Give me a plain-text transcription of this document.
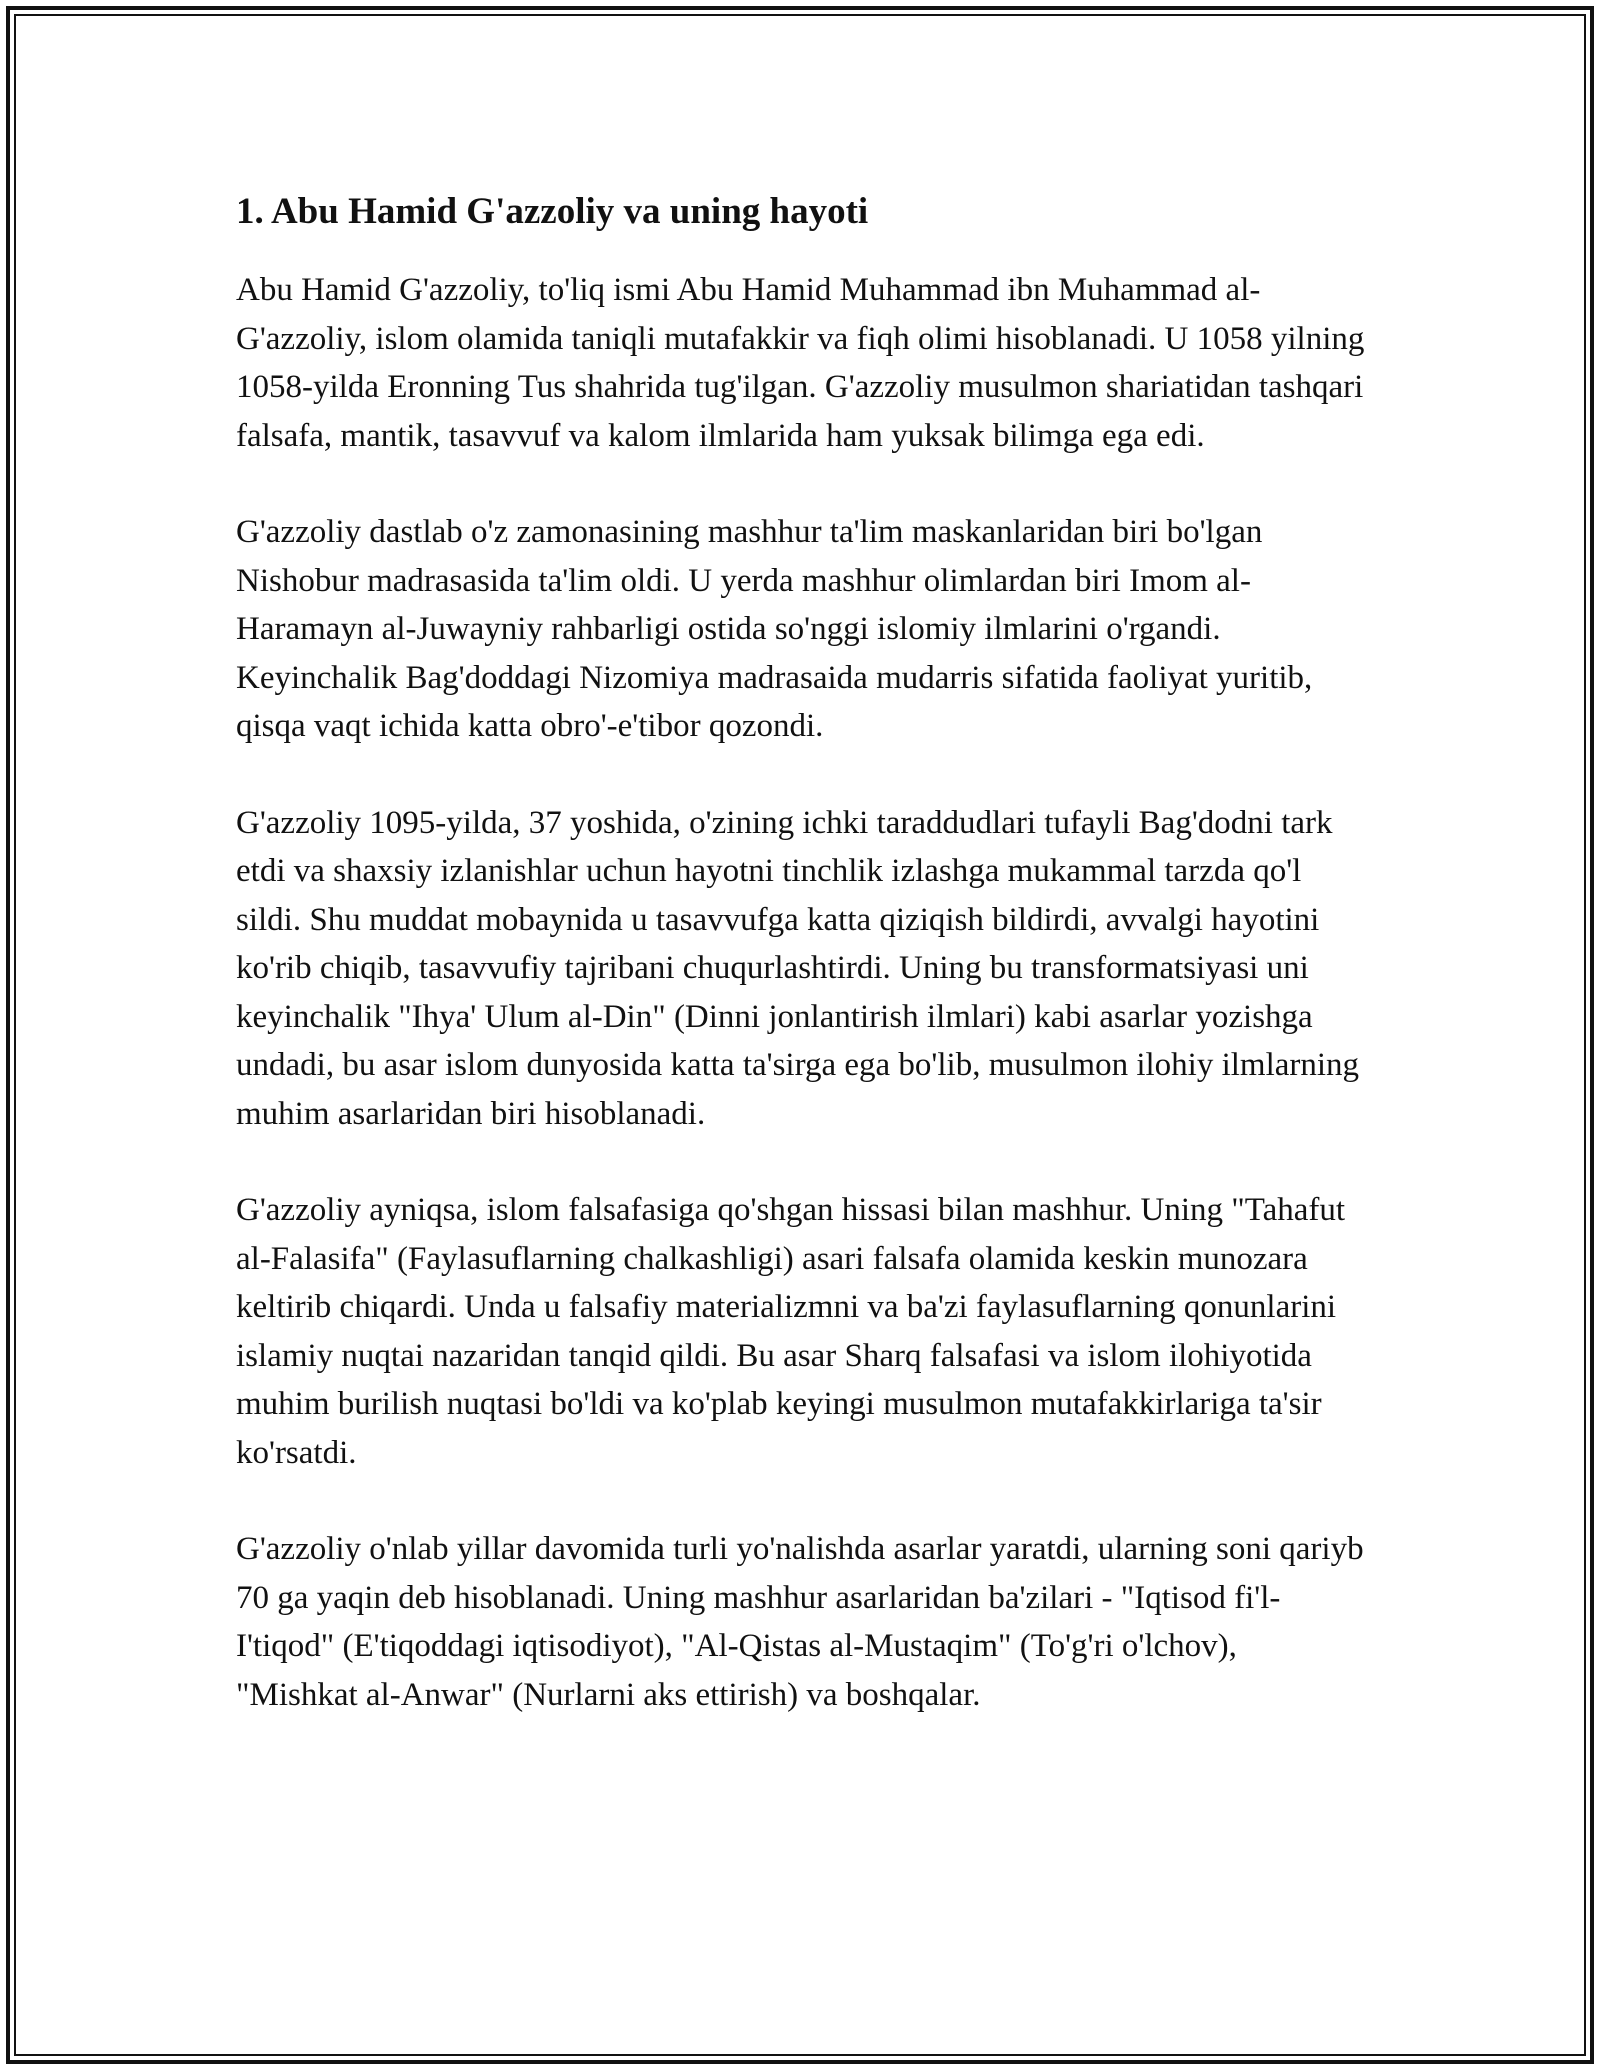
1. Abu Hamid G'azzoliy va uning hayoti

Abu Hamid G'azzoliy, to'liq ismi Abu Hamid Muhammad ibn Muhammad al-G'azzoliy, islom olamida taniqli mutafakkir va fiqh olimi hisoblanadi. U 1058 yilning 1058-yilda Eronning Tus shahrida tug'ilgan. G'azzoliy musulmon shariatidan tashqari falsafa, mantik, tasavvuf va kalom ilmlarida ham yuksak bilimga ega edi.

G'azzoliy dastlab o'z zamonasining mashhur ta'lim maskanlaridan biri bo'lgan Nishobur madrasasida ta'lim oldi. U yerda mashhur olimlardan biri Imom al-Haramayn al-Juwayniy rahbarligi ostida so'nggi islomiy ilmlarini o'rgandi. Keyinchalik Bag'doddagi Nizomiya madrasaida mudarris sifatida faoliyat yuritib, qisqa vaqt ichida katta obro'-e'tibor qozondi.

G'azzoliy 1095-yilda, 37 yoshida, o'zining ichki taraddudlari tufayli Bag'dodni tark etdi va shaxsiy izlanishlar uchun hayotni tinchlik izlashga mukammal tarzda qo'l sildi. Shu muddat mobaynida u tasavvufga katta qiziqish bildirdi, avvalgi hayotini ko'rib chiqib, tasavvufiy tajribani chuqurlashtirdi. Uning bu transformatsiyasi uni keyinchalik "Ihya' Ulum al-Din" (Dinni jonlantirish ilmlari) kabi asarlar yozishga undadi, bu asar islom dunyosida katta ta'sirga ega bo'lib, musulmon ilohiy ilmlarning muhim asarlaridan biri hisoblanadi.

G'azzoliy ayniqsa, islom falsafasiga qo'shgan hissasi bilan mashhur. Uning "Tahafut al-Falasifa" (Faylasuflarning chalkashligi) asari falsafa olamida keskin munozara keltirib chiqardi. Unda u falsafiy materializmni va ba'zi faylasuflarning qonunlarini islamiy nuqtai nazaridan tanqid qildi. Bu asar Sharq falsafasi va islom ilohiyotida muhim burilish nuqtasi bo'ldi va ko'plab keyingi musulmon mutafakkirlariga ta'sir ko'rsatdi.

G'azzoliy o'nlab yillar davomida turli yo'nalishda asarlar yaratdi, ularning soni qariyb 70 ga yaqin deb hisoblanadi. Uning mashhur asarlaridan ba'zilari - "Iqtisod fi'l-I'tiqod" (E'tiqoddagi iqtisodiyot), "Al-Qistas al-Mustaqim" (To'g'ri o'lchov), "Mishkat al-Anwar" (Nurlarni aks ettirish) va boshqalar.
